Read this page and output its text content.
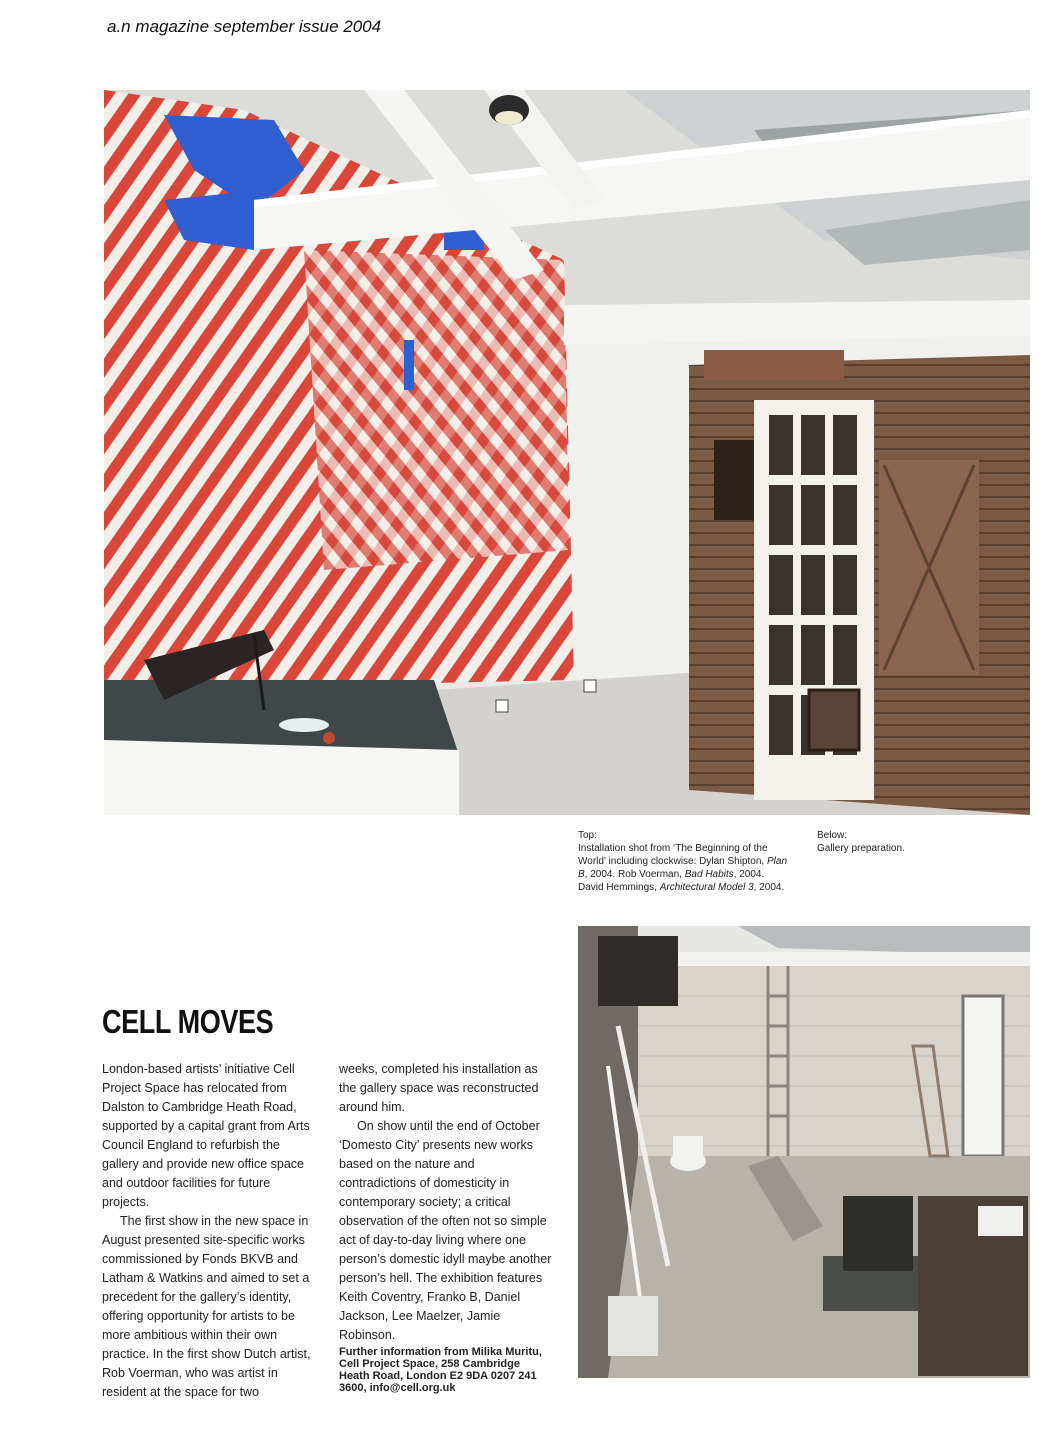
a.n magazine september issue 2004
Top:
Installation shot from ‘The Beginning of the World’ including clockwise: Dylan Shipton, Plan B, 2004. Rob Voerman, Bad Habits, 2004. David Hemmings, Architectural Model 3, 2004.
Below:
Gallery preparation.
CELL MOVES

London-based artists’ initiative Cell Project Space has relocated from Dalston to Cambridge Heath Road, supported by a capital grant from Arts Council England to refurbish the gallery and provide new office space and outdoor facilities for future projects.

The first show in the new space in August presented site-specific works commissioned by Fonds BKVB and Latham & Watkins and aimed to set a precedent for the gallery’s identity, offering opportunity for artists to be more ambitious within their own practice. In the first show Dutch artist, Rob Voerman, who was artist in resident at the space for two

weeks, completed his installation as the gallery space was reconstructed around him.

On show until the end of October ‘Domesto City’ presents new works based on the nature and contradictions of domesticity in contemporary society; a critical observation of the often not so simple act of day-to-day living where one person’s domestic idyll maybe another person’s hell. The exhibition features Keith Coventry, Franko B, Daniel Jackson, Lee Maelzer, Jamie Robinson.

Further information from Milika Muritu, Cell Project Space, 258 Cambridge Heath Road, London E2 9DA 0207 241 3600, info@cell.org.uk
